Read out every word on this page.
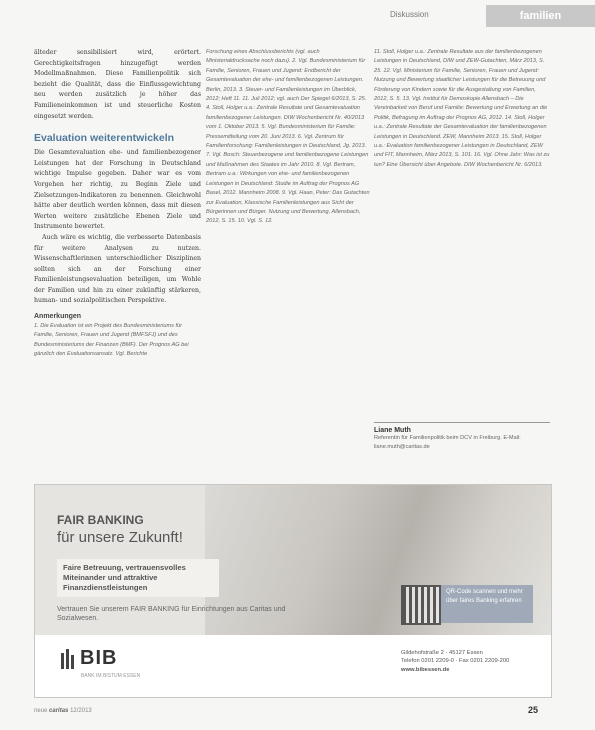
Diskussion	familien

älteder sensibilisiert wird, erörtert. Gerechtigkeitsfragen hinzugefügt werden Modellmaßnahmen. Diese Familienpolitik sich bezieht die Qualität, dass die Einflussgewichtung neu werden zusätzlich je höher das Familieneinkommen ist und steuerliche Kosten eingesetzt werden.

Evaluation weiterentwickeln

Die Gesamtevaluation ehe- und familienbezogener Leistungen hat der Forschung in Deutschland wichtige Impulse gegeben. Daher war es vom Vorgehen her richtig, zu Beginn Ziele und Zielsetzungen-Indikatoren zu benennen. Gleichwohl hätte aber deutlich werden können, dass mit diesen Werten weitere zusätzliche Ebenen Ziele und Instrumente bewertet.

Auch wäre es wichtig, die verbesserte Datenbasis für weitere Analysen zu nutzen. Wissenschaftlerinnen unterschiedlicher Disziplinen sollten sich an der Forschung einer Familienleistungsevaluation beteiligen, um Wohle der Familien und hin zu einer zukünftig stärkeren, human- und sozialpolitischen Perspektive.

Anmerkungen

1. Die Evaluation ist ein Projekt des Bundesministeriums für Familie, Senioren, Frauen und Jugend (BMFSFJ) und des Bundesministeriums der Finanzen (BMF). Der Prognos AG bei gänzlich den Evaluationsansatz. Vgl. Berichte

Forschung eines Abschlussberichts (vgl. auch Ministerialdrucksache noch dazu). 2. Vgl. Bundesministerium für Familie, Senioren, Frauen und Jugend: Endbericht der Gesamtevaluation der ehe- und familienbezogenen Leistungen. Berlin, 2013. 3. Steuer- und Familienleistungen im Überblick, 2012; Heft 11. 11. Juli 2012; vgl. auch Der Spiegel 6/2013, S. 25. 4. Stoll, Holger u.a.: Zentrale Resultate und Gesamtevaluation familienbezogener Leistungen. DIW Wochenbericht Nr. 40/2013 vom 1. Oktober 2013. 5. Vgl. Bundesministerium für Familie: Pressemitteilung vom 20. Juni 2013. 6. Vgl. Zentrum für Familienforschung: Familienleistungen in Deutschland, Jg. 2013. 7. Vgl. Bosch: Steuerbezogene und familienbezogene Leistungen und Maßnahmen des Staates im Jahr 2010. 8. Vgl. Bertram, Bertram u.a.: Wirkungen von ehe- und familienbezogenen Leistungen in Deutschland: Studie im Auftrag der Prognos AG Basel, 2012. Mannheim 2008. 9. Vgl. Haan, Peter: Das Gutachten zur Evaluation, Klassische Familienleistungen aus Sicht der Bürgerinnen und Bürger. Nutzung und Bewertung, Allensbach, 2012, S. 15. 10. Vgl. S. 12.

11. Stoll, Holger u.a.: Zentrale Resultate aus der familienbezogenen Leistungen in Deutschland, DIW und ZEW-Gutachten, März 2013, S. 25. 12. Vgl. Ministerium für Familie, Senioren, Frauen und Jugend: Nutzung und Bewertung staatlicher Leistungen für die Betreuung und Förderung von Kindern sowie für die Ausgestaltung von Familien, 2012, S. 5. 13. Vgl. Institut für Demoskopie Allensbach – Die Vereinbarkeit von Beruf und Familie: Bewertung und Erwartung an die Politik, Befragung im Auftrag der Prognos AG, 2012. 14. Stoll, Holger u.a.: Zentrale Resultate der Gesamtevaluation der familienbezogenen Leistungen in Deutschland. ZEW, Mannheim 2013. 15. Stoll, Holger u.a.: Evaluation familienbezogener Leistungen in Deutschland, ZEW und FIT, Mannheim, März 2013, S. 101. 16. Vgl. Ohne Jahr: Was ist zu tun? Eine Übersicht über Angebote. DIW Wochenbericht Nr. 6/2013.

Liane Muth
Referentin für Familienpolitik beim DCV in Freiburg. E-Mail: liane.muth@caritas.de
FAIR BANKING
für unsere Zukunft!
Faire Betreuung, vertrauensvolles Miteinander und attraktive Finanzdienstleistungen
Vertrauen Sie unserem FAIR BANKING für Einrichtungen aus Caritas und Sozialwesen.
QR-Code scannen und mehr über faires Banking erfahren
BIB
BANK IM BISTUM ESSEN
Gildehofstraße 2 · 45127 Essen
Telefon 0201 2209-0 · Fax 0201 2209-200
www.bibessen.de
neue caritas 12/2013	25
